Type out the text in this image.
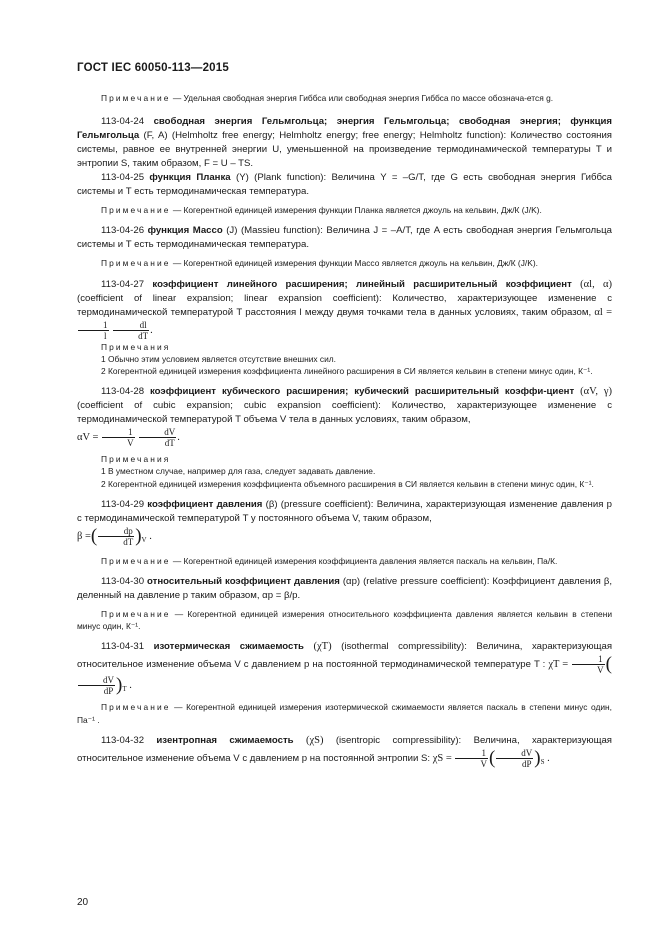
ГОСТ IEC 60050-113—2015

Примечание — Удельная свободная энергия Гиббса или свободная энергия Гиббса по массе обознача-ется g.

113-04-24 свободная энергия Гельмгольца; энергия Гельмгольца; свободная энергия; функция Гельмгольца (F, A) (Helmholtz free energy; Helmholtz energy; free energy; Helmholtz function): Количество состояния системы, равное ее внутренней энергии U, уменьшенной на произведение термодинамической температуры T и энтропии S, таким образом, F = U – TS.

113-04-25 функция Планка (Y) (Plank function): Величина Y = –G/T, где G есть свободная энергия Гиббса системы и T есть термодинамическая температура.

Примечание — Когерентной единицей измерения функции Планка является джоуль на кельвин, Дж/К (J/K).

113-04-26 функция Массо (J) (Massieu function): Величина J = –A/T, где A есть свободная энергия Гельмгольца системы и T есть термодинамическая температура.

Примечание — Когерентной единицей измерения функции Массо является джоуль на кельвин, Дж/К (J/K).

113-04-27 коэффициент линейного расширения; линейный расширительный коэффициент (αl, α) (coefficient of linear expansion; linear expansion coefficient): Количество, характеризующее изменение с термодинамической температурой T расстояния l между двумя точками тела в данных условиях, таким образом, αl =
$\frac{1}{l}$
$\frac{dl}{dT}$ .

Примечания

1 Обычно этим условием является отсутствие внешних сил.

2 Когерентной единицей измерения коэффициента линейного расширения в СИ является кельвин в степени минус один, К⁻¹.

113-04-28 коэффициент кубического расширения; кубический расширительный коэффи-циент (αV, γ) (coefficient of cubic expansion; cubic expansion coefficient): Количество, характеризующее изменение с термодинамической температурой T объема V тела в данных условиях, таким образом,
$\alpha V = \frac{1}{V}$
$\frac{dV}{dT}$ .

Примечания

1 В уместном случае, например для газа, следует задавать давление.

2 Когерентной единицей измерения коэффициента объемного расширения в СИ является кельвин в степени минус один, К⁻¹.

113-04-29 коэффициент давления (β) (pressure coefficient): Величина, характеризующая изменение давления p с термодинамической температурой T у постоянного объема V, таким образом,
β =( $\frac{dp}{dT} )_V$ .

Примечание — Когерентной единицей измерения коэффициента давления является паскаль на кельвин, Па/К.

113-04-30 относительный коэффициент давления (αp) (relative pressure coefficient): Коэффициент давления β, деленный на давление p таким образом, αp = β/p.

Примечание — Когерентной единицей измерения относительного коэффициента давления является кельвин в степени минус один, К⁻¹.

113-04-31 изотермическая сжимаемость (χT) (isothermal compressibility): Величина, характеризующая относительное изменение объема V с давлением p на постоянной термодинамической температуре T : $\chi T = \frac{1}{V}$ (
$\frac{dV}{dP} )_T$ .

Примечание — Когерентной единицей измерения изотермической сжимаемости является паскаль в степени минус один, Па⁻¹ .

113-04-32 изентропная сжимаемость (χS) (isentropic compressibility): Величина, характеризующая относительное изменение объема V с давлением p на постоянной энтропии S: $\chi S = \frac{1}{V}$ ( $\frac{dV}{dP} )_S$ .

20
